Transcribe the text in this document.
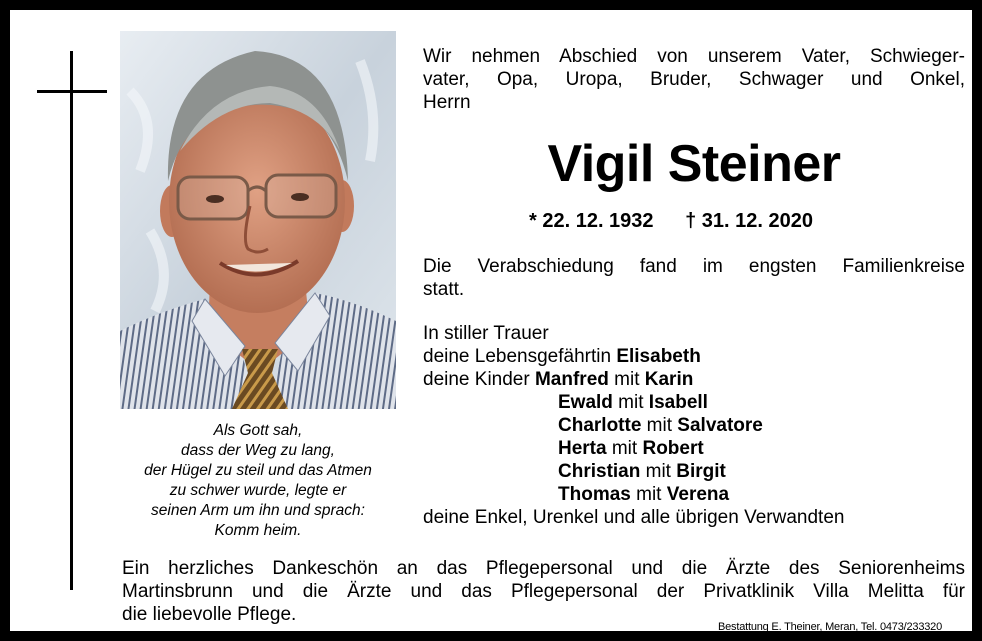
Als Gott sah,
dass der Weg zu lang,
der Hügel zu steil und das Atmen
zu schwer wurde, legte er
seinen Arm um ihn und sprach:
Komm heim.
Wir nehmen Abschied von unserem Vater, Schwieger-
vater, Opa, Uropa, Bruder, Schwager und Onkel,
Herrn
Vigil Steiner
* 22. 12. 1932 † 31. 12. 2020
Die Verabschiedung fand im engsten Familienkreise
statt.
In stiller Trauer
deine Lebensgefährtin Elisabeth
deine Kinder Manfred mit Karin
Ewald mit Isabell
Charlotte mit Salvatore
Herta mit Robert
Christian mit Birgit
Thomas mit Verena
deine Enkel, Urenkel und alle übrigen Verwandten
Ein herzliches Dankeschön an das Pflegepersonal und die Ärzte des Seniorenheims
Martinsbrunn und die Ärzte und das Pflegepersonal der Privatklinik Villa Melitta für
die liebevolle Pflege.
Bestattung E. Theiner, Meran, Tel. 0473/233320
